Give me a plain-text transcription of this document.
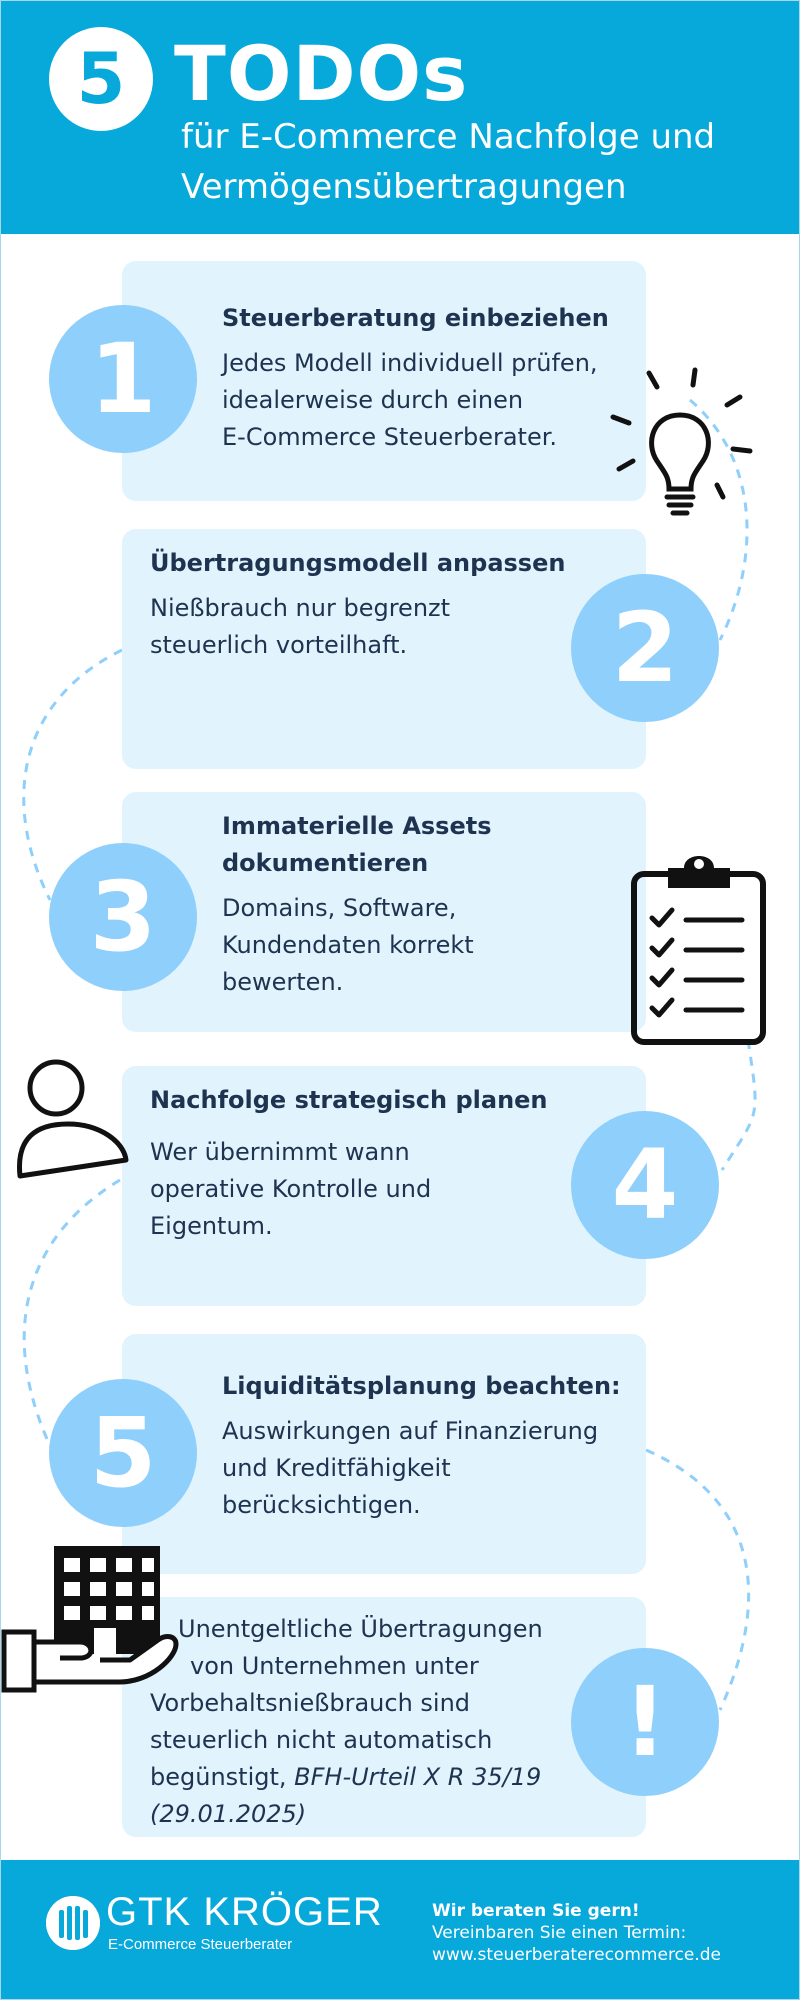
5 TODOs
für E-Commerce Nachfolge und
Vermögensübertragungen
Steuerberatung einbeziehen
Jedes Modell individuell prüfen,
idealerweise durch einen
E-Commerce Steuerberater.
1
Übertragungsmodell anpassen
Nießbrauch nur begrenzt
steuerlich vorteilhaft.	2
Immaterielle Assets
dokumentieren
Domains, Software,
Kundendaten korrekt
bewerten.
3
Nachfolge strategisch planen
Wer übernimmt wann
operative Kontrolle und
Eigentum.	4
Liquiditätsplanung beachten:
Auswirkungen auf Finanzierung
und Kreditfähigkeit
berücksichtigen.
5
Unentgeltliche Übertragungen
von Unternehmen unter
Vorbehaltsnießbrauch sind
steuerlich nicht automatisch
begünstigt, BFH-Urteil X R 35/19
(29.01.2025)
!
GTK KRÖGER
E-Commerce Steuerberater
Wir beraten Sie gern!
Vereinbaren Sie einen Termin:
www.steuerberaterecommerce.de
